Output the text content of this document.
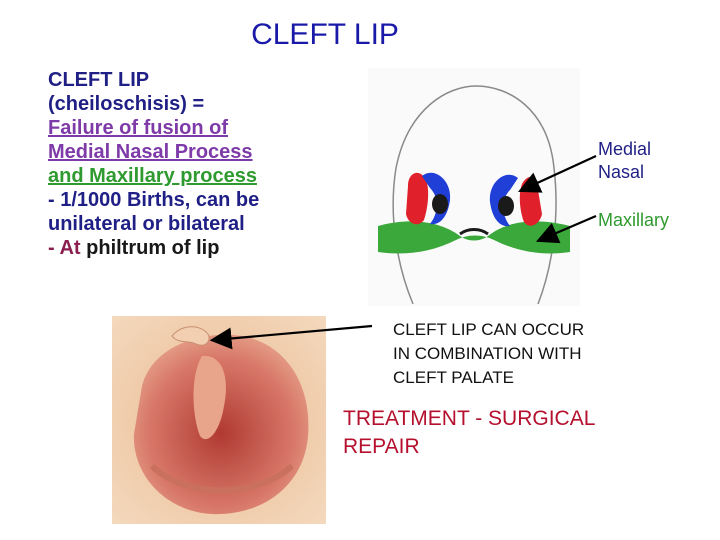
CLEFT LIP
CLEFT LIP
(cheiloschisis) =
Failure of fusion of
Medial Nasal Process
and Maxillary process
- 1/1000 Births, can be
unilateral or bilateral
- At philtrum of lip
Medial
Nasal
Maxillary
CLEFT LIP CAN OCCUR
IN COMBINATION WITH
CLEFT PALATE
TREATMENT - SURGICAL
REPAIR
